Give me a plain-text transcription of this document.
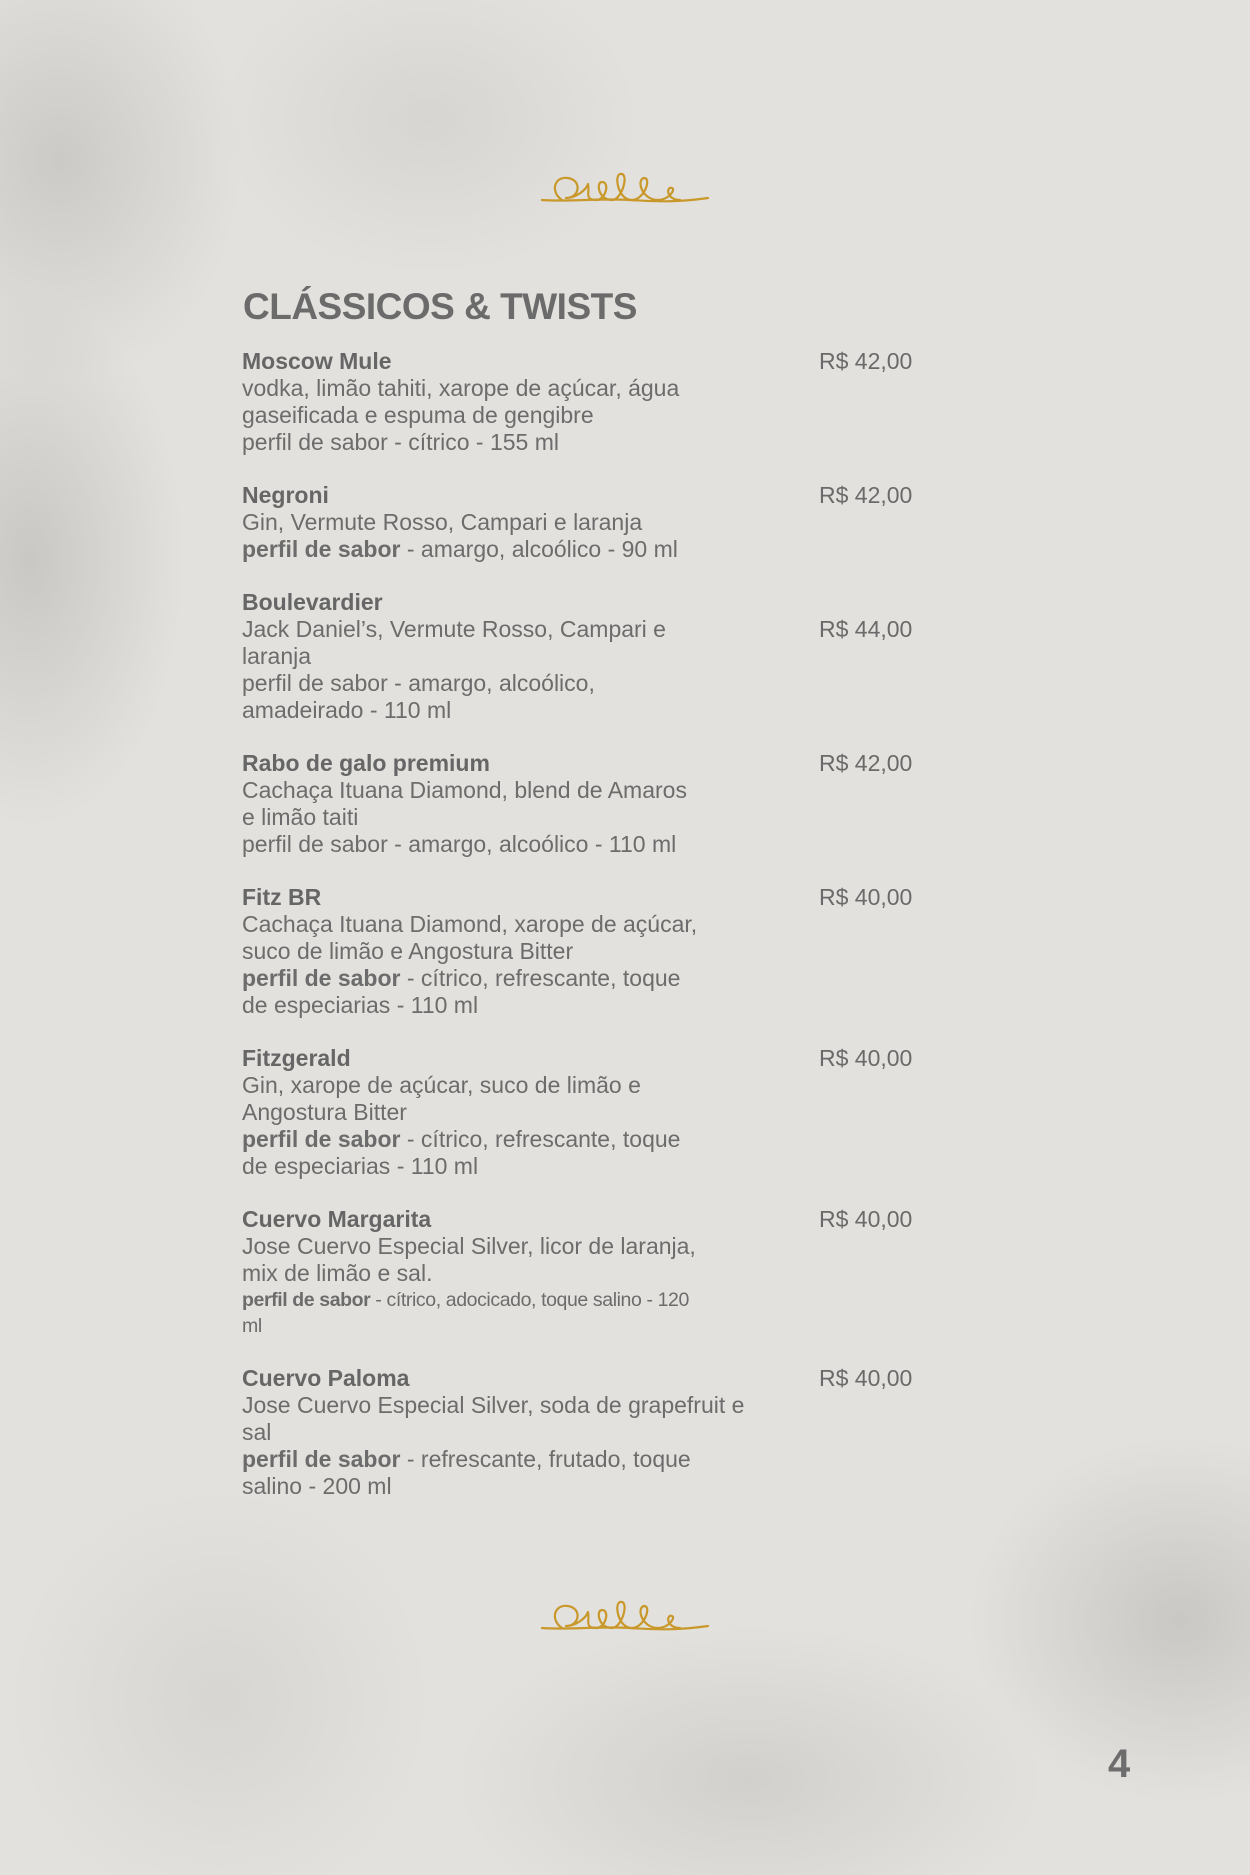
CLÁSSICOS & TWISTS
Moscow Mule
vodka, limão tahiti, xarope de açúcar, água
gaseificada e espuma de gengibre
perfil de sabor - cítrico - 155 ml
R$ 42,00
Negroni
Gin, Vermute Rosso, Campari e laranja
perfil de sabor - amargo, alcoólico - 90 ml
R$ 42,00
Boulevardier
Jack Daniel’s, Vermute Rosso, Campari e
laranja
perfil de sabor - amargo, alcoólico,
amadeirado - 110 ml
R$ 44,00
Rabo de galo premium
Cachaça Ituana Diamond, blend de Amaros
e limão taiti
perfil de sabor - amargo, alcoólico - 110 ml
R$ 42,00
Fitz BR
Cachaça Ituana Diamond, xarope de açúcar,
suco de limão e Angostura Bitter
perfil de sabor - cítrico, refrescante, toque
de especiarias - 110 ml
R$ 40,00
Fitzgerald
Gin, xarope de açúcar, suco de limão e
Angostura Bitter
perfil de sabor - cítrico, refrescante, toque
de especiarias - 110 ml
R$ 40,00
Cuervo Margarita
Jose Cuervo Especial Silver, licor de laranja,
mix de limão e sal.
perfil de sabor - cítrico, adocicado, toque salino - 120
ml
R$ 40,00
Cuervo Paloma
Jose Cuervo Especial Silver, soda de grapefruit e
sal
perfil de sabor - refrescante, frutado, toque
salino - 200 ml
R$ 40,00
4
